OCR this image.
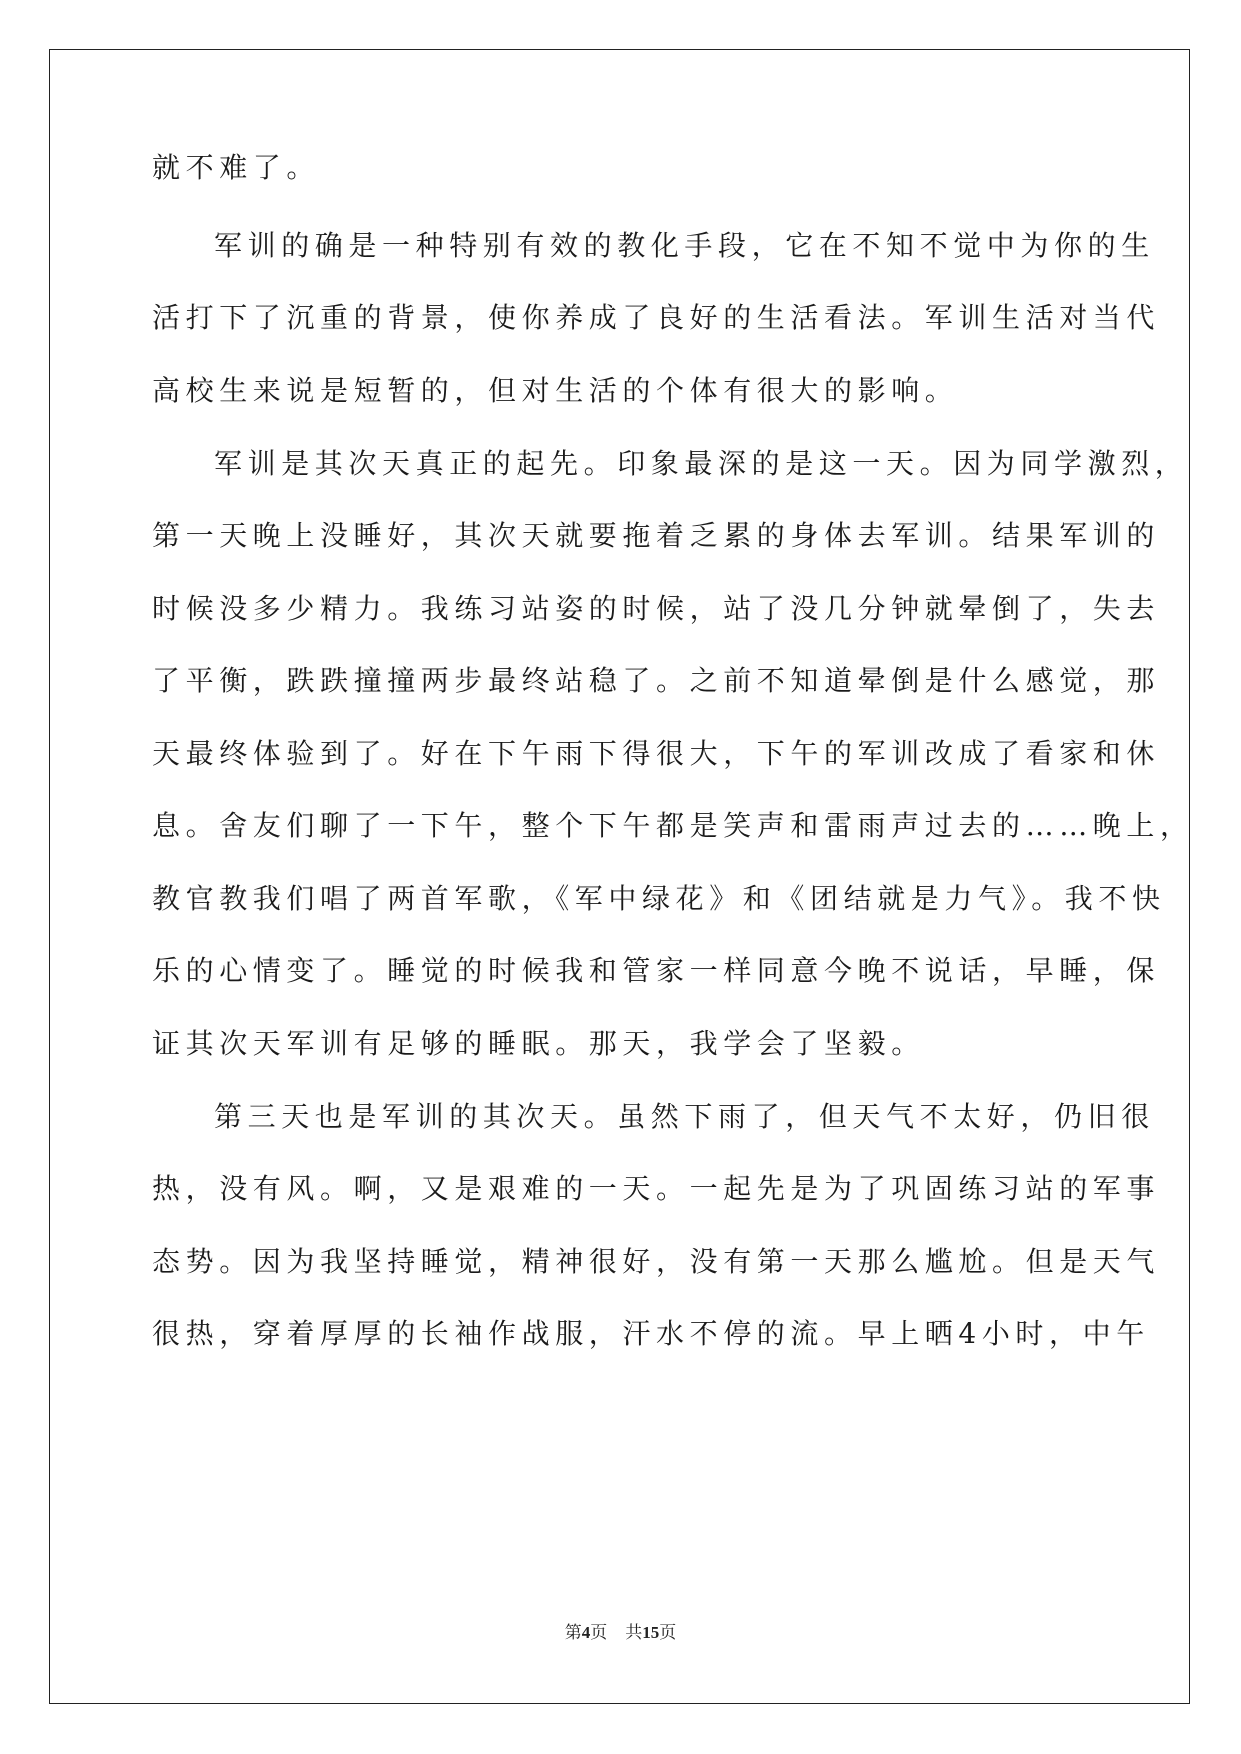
就不难了。
军训的确是一种特别有效的教化手段，它在不知不觉中为你的生
活打下了沉重的背景，使你养成了良好的生活看法。军训生活对当代
高校生来说是短暂的，但对生活的个体有很大的影响。
军训是其次天真正的起先。印象最深的是这一天。因为同学激烈，
第一天晚上没睡好，其次天就要拖着乏累的身体去军训。结果军训的
时候没多少精力。我练习站姿的时候，站了没几分钟就晕倒了，失去
了平衡，跌跌撞撞两步最终站稳了。之前不知道晕倒是什么感觉，那
天最终体验到了。好在下午雨下得很大，下午的军训改成了看家和休
息。舍友们聊了一下午，整个下午都是笑声和雷雨声过去的……晚上，
教官教我们唱了两首军歌，《军中绿花》和《团结就是力气》。我不快
乐的心情变了。睡觉的时候我和管家一样同意今晚不说话，早睡，保
证其次天军训有足够的睡眠。那天，我学会了坚毅。
第三天也是军训的其次天。虽然下雨了，但天气不太好，仍旧很
热，没有风。啊，又是艰难的一天。一起先是为了巩固练习站的军事
态势。因为我坚持睡觉，精神很好，没有第一天那么尴尬。但是天气
很热，穿着厚厚的长袖作战服，汗水不停的流。早上晒4小时，中午
第4页 共15页
